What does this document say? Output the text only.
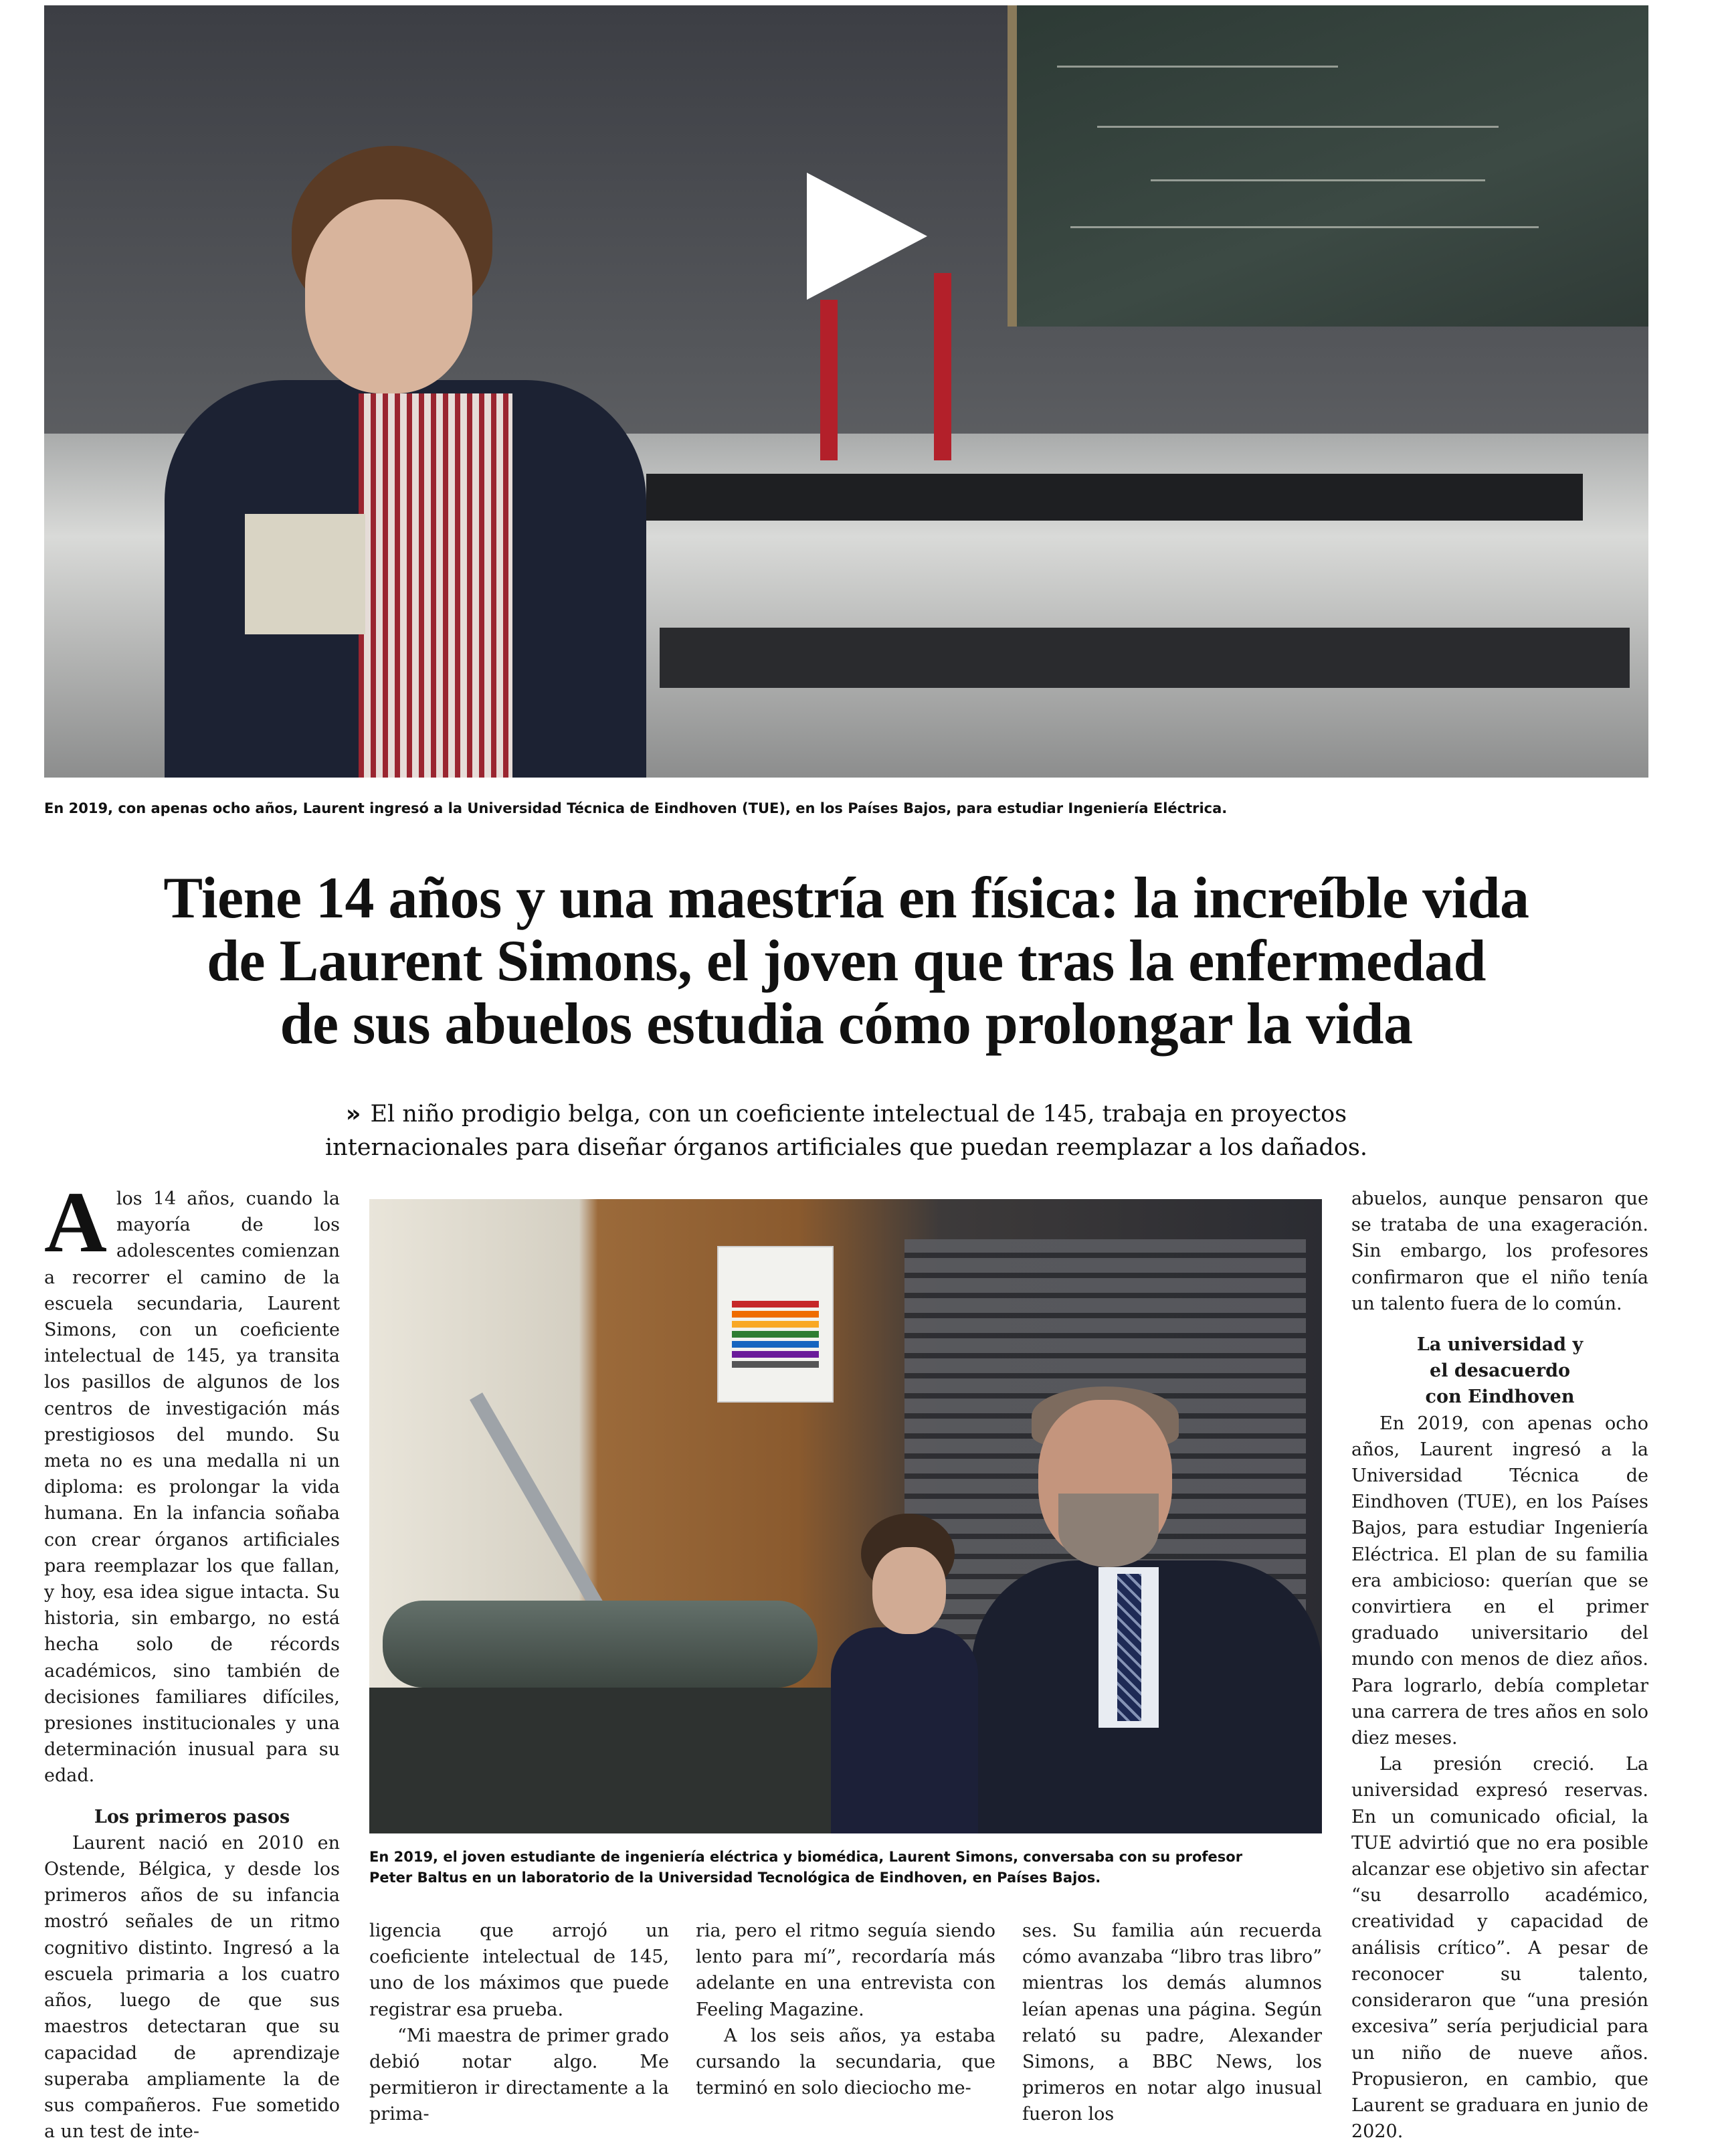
En 2019, con apenas ocho años, Laurent ingresó a la Universidad Técnica de Eindhoven (TUE), en los Países Bajos, para estudiar Ingeniería Eléctrica.
Tiene 14 años y una maestría en física: la increíble vida
de Laurent Simons, el joven que tras la enfermedad
de sus abuelos estudia cómo prolongar la vida

» El niño prodigio belga, con un coeficiente intelectual de 145, trabaja en proyectos internacionales para diseñar órganos artificiales que puedan reemplazar a los dañados.

Alos 14 años, cuando la mayoría de los adolescentes comienzan a recorrer el camino de la escuela secundaria, Laurent Simons, con un coeficiente intelectual de 145, ya transita los pasillos de algunos de los centros de investigación más prestigiosos del mundo. Su meta no es una medalla ni un diploma: es prolongar la vida humana. En la infancia soñaba con crear órganos artificiales para reemplazar los que fallan, y hoy, esa idea sigue intacta. Su historia, sin embargo, no está hecha solo de récords académicos, sino también de decisiones familiares difíciles, presiones institucionales y una determinación inusual para su edad.

Los primeros pasos

Laurent nació en 2010 en Ostende, Bélgica, y desde los primeros años de su infancia mostró señales de un ritmo cognitivo distinto. Ingresó a la escuela primaria a los cuatro años, luego de que sus maestros detectaran que su capacidad de aprendizaje superaba ampliamente la de sus compañeros. Fue sometido a un test de inte-

En 2019, el joven estudiante de ingeniería eléctrica y biomédica, Laurent Simons, conversaba con su profesor
Peter Baltus en un laboratorio de la Universidad Tecnológica de Eindhoven, en Países Bajos.

ligencia que arrojó un coeficiente intelectual de 145, uno de los máximos que puede registrar esa prueba.

“Mi maestra de primer grado debió notar algo. Me permitieron ir directamente a la prima-

ria, pero el ritmo seguía siendo lento para mí”, recordaría más adelante en una entrevista con Feeling Magazine.

A los seis años, ya estaba cursando la secundaria, que terminó en solo dieciocho me-

ses. Su familia aún recuerda cómo avanzaba “libro tras libro” mientras los demás alumnos leían apenas una página. Según relató su padre, Alexander Simons, a BBC News, los primeros en notar algo inusual fueron los

abuelos, aunque pensaron que se trataba de una exageración. Sin embargo, los profesores confirmaron que el niño tenía un talento fuera de lo común.

La universidad y
el desacuerdo
con Eindhoven

En 2019, con apenas ocho años, Laurent ingresó a la Universidad Técnica de Eindhoven (TUE), en los Países Bajos, para estudiar Ingeniería Eléctrica. El plan de su familia era ambicioso: querían que se convirtiera en el primer graduado universitario del mundo con menos de diez años. Para lograrlo, debía completar una carrera de tres años en solo diez meses.

La presión creció. La universidad expresó reservas. En un comunicado oficial, la TUE advirtió que no era posible alcanzar ese objetivo sin afectar “su desarrollo académico, creatividad y capacidad de análisis crítico”. A pesar de reconocer su talento, consideraron que “una presión excesiva” sería perjudicial para un niño de nueve años. Propusieron, en cambio, que Laurent se graduara en junio de 2020.
